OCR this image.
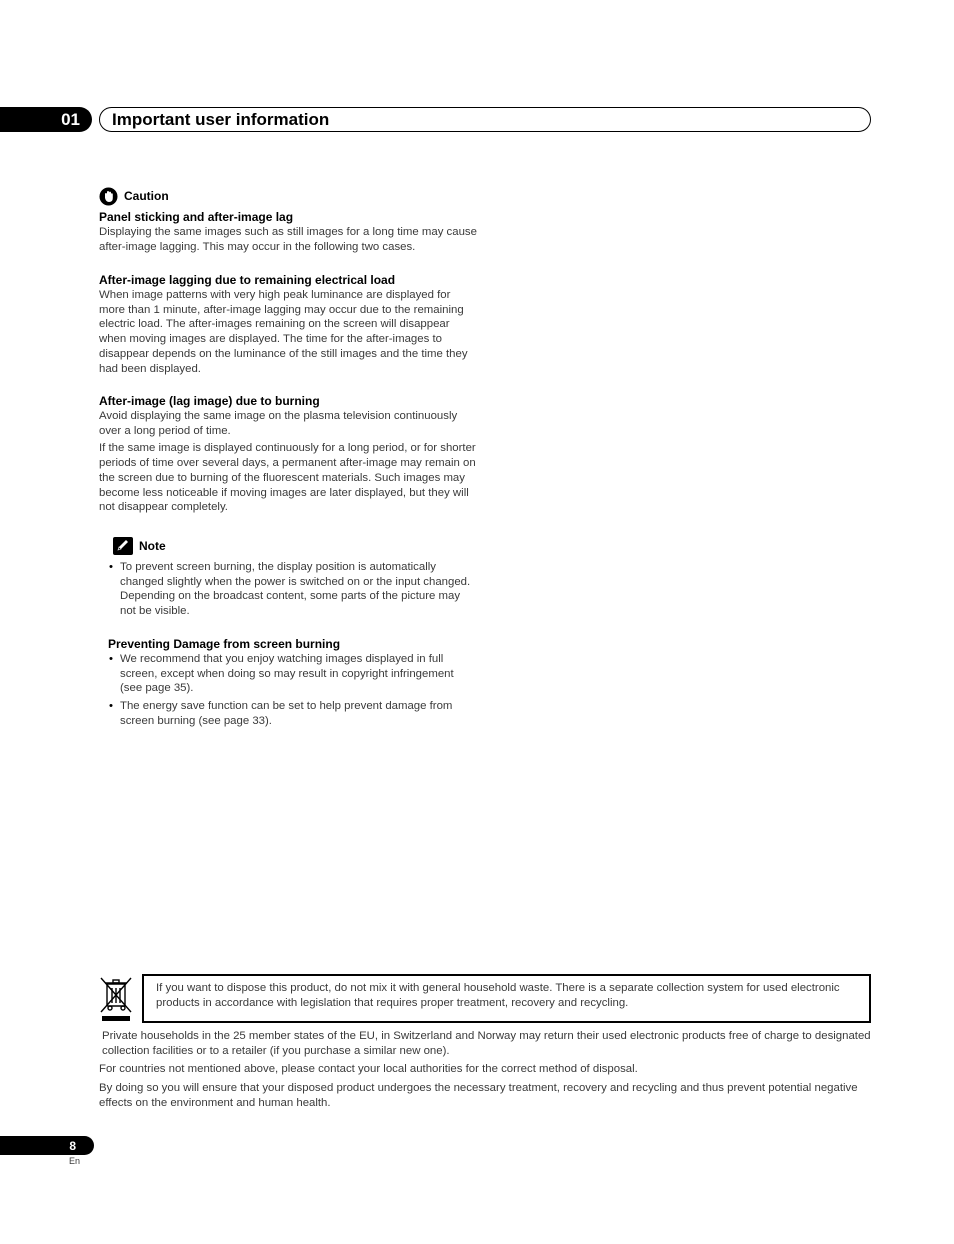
01 Important user information
Caution
Panel sticking and after-image lag

Displaying the same images such as still images for a long time may cause after-image lagging. This may occur in the following two cases.

After-image lagging due to remaining electrical load

When image patterns with very high peak luminance are displayed for more than 1 minute, after-image lagging may occur due to the remaining electric load. The after-images remaining on the screen will disappear when moving images are displayed. The time for the after-images to disappear depends on the luminance of the still images and the time they had been displayed.

After-image (lag image) due to burning

Avoid displaying the same image on the plasma television continuously over a long period of time.

If the same image is displayed continuously for a long period, or for shorter periods of time over several days, a permanent after-image may remain on the screen due to burning of the fluorescent materials. Such images may become less noticeable if moving images are later displayed, but they will not disappear completely.

Note
• To prevent screen burning, the display position is automatically changed slightly when the power is switched on or the input changed. Depending on the broadcast content, some parts of the picture may not be visible.
Preventing Damage from screen burning
• We recommend that you enjoy watching images displayed in full screen, except when doing so may result in copyright infringement (see page 35).
• The energy save function can be set to help prevent damage from screen burning (see page 33).
If you want to dispose this product, do not mix it with general household waste. There is a separate collection system for used electronic products in accordance with legislation that requires proper treatment, recovery and recycling.

Private households in the 25 member states of the EU, in Switzerland and Norway may return their used electronic products free of charge to designated collection facilities or to a retailer (if you purchase a similar new one).

For countries not mentioned above, please contact your local authorities for the correct method of disposal.

By doing so you will ensure that your disposed product undergoes the necessary treatment, recovery and recycling and thus prevent potential negative effects on the environment and human health.

8
En
